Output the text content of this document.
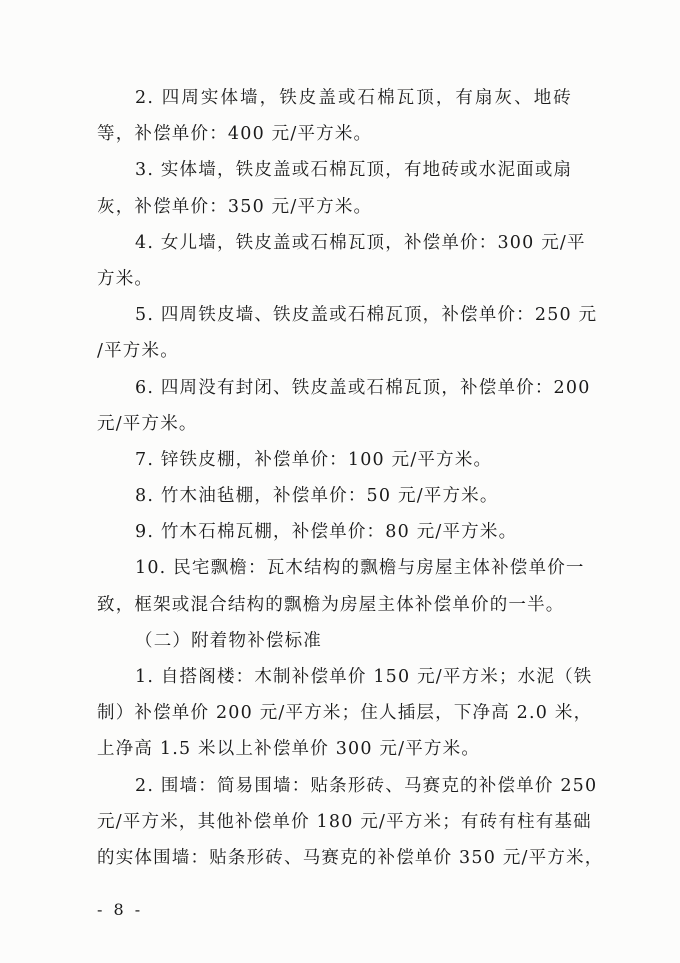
2. 四周实体墙，铁皮盖或石棉瓦顶，有扇灰、地砖
等，补偿单价：400 元/平方米。
3. 实体墙，铁皮盖或石棉瓦顶，有地砖或水泥面或扇
灰，补偿单价：350 元/平方米。
4. 女儿墙，铁皮盖或石棉瓦顶，补偿单价：300 元/平
方米。
5. 四周铁皮墙、铁皮盖或石棉瓦顶，补偿单价：250 元
/平方米。
6. 四周没有封闭、铁皮盖或石棉瓦顶，补偿单价：200
元/平方米。
7. 锌铁皮棚，补偿单价：100 元/平方米。
8. 竹木油毡棚，补偿单价：50 元/平方米。
9. 竹木石棉瓦棚，补偿单价：80 元/平方米。
10. 民宅飘檐：瓦木结构的飘檐与房屋主体补偿单价一
致，框架或混合结构的飘檐为房屋主体补偿单价的一半。
（二）附着物补偿标准
1. 自搭阁楼：木制补偿单价 150 元/平方米；水泥（铁
制）补偿单价 200 元/平方米；住人插层，下净高 2.0 米，
上净高 1.5 米以上补偿单价 300 元/平方米。
2. 围墙：简易围墙：贴条形砖、马赛克的补偿单价 250
元/平方米，其他补偿单价 180 元/平方米；有砖有柱有基础
的实体围墙：贴条形砖、马赛克的补偿单价 350 元/平方米，
- 8 -
